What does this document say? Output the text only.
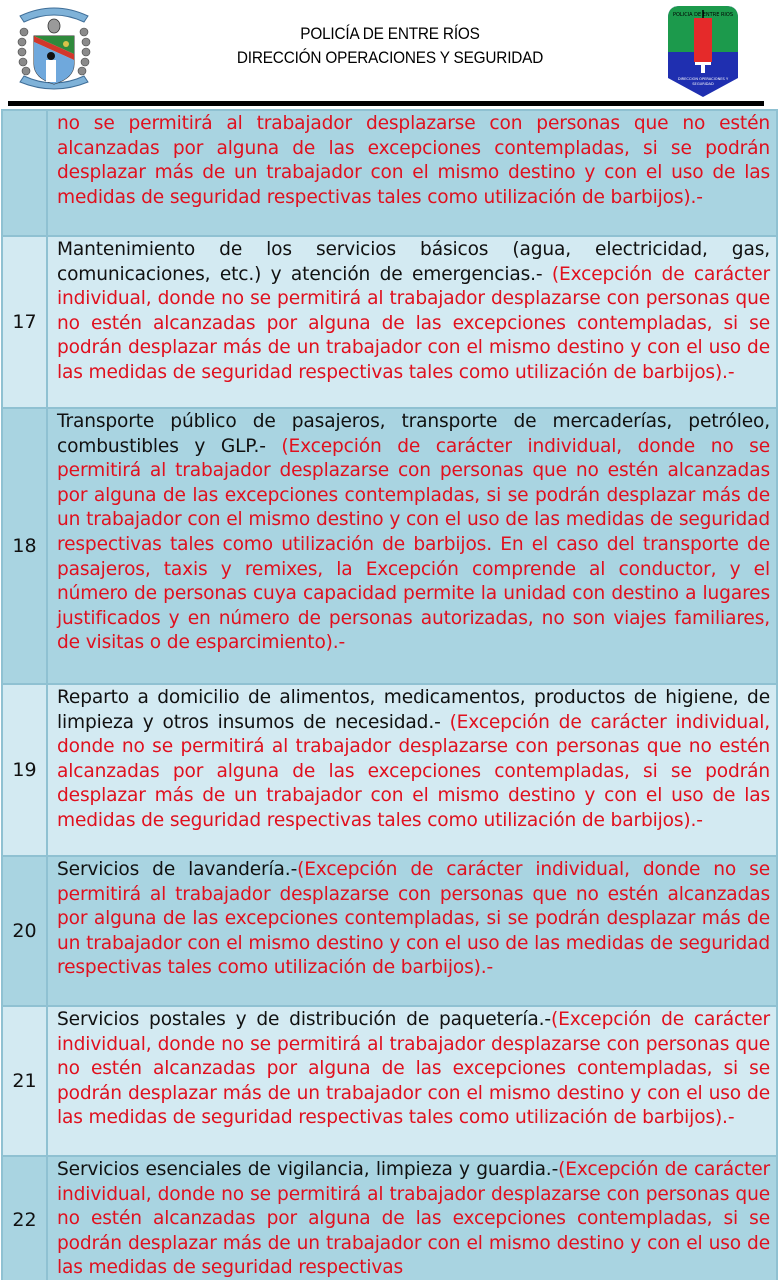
POLICÍA DE ENTRE RÍOS
DIRECCIÓN OPERACIONES Y SEGURIDAD
POLICIA DE ENTRE RIOS
DIRECCION OPERACIONES Y
SEGURIDAD
no se permitirá al trabajador desplazarse con personas que no estén alcanzadas por alguna de las excepciones contempladas, si se podrán desplazar más de un trabajador con el mismo destino y con el uso de las medidas de seguridad respectivas tales como utilización de barbijos).-
17
Mantenimiento de los servicios básicos (agua, electricidad, gas, comunicaciones, etc.) y atención de emergencias.- (Excepción de carácter individual, donde no se permitirá al trabajador desplazarse con personas que no estén alcanzadas por alguna de las excepciones contempladas, si se podrán desplazar más de un trabajador con el mismo destino y con el uso de las medidas de seguridad respectivas tales como utilización de barbijos).-
18
Transporte público de pasajeros, transporte de mercaderías, petróleo, combustibles y GLP.- (Excepción de carácter individual, donde no se permitirá al trabajador desplazarse con personas que no estén alcanzadas por alguna de las excepciones contempladas, si se podrán desplazar más de un trabajador con el mismo destino y con el uso de las medidas de seguridad respectivas tales como utilización de barbijos. En el caso del transporte de pasajeros, taxis y remixes, la Excepción comprende al conductor, y el número de personas cuya capacidad permite la unidad con destino a lugares justificados y en número de personas autorizadas, no son viajes familiares, de visitas o de esparcimiento).-
19
Reparto a domicilio de alimentos, medicamentos, productos de higiene, de limpieza y otros insumos de necesidad.- (Excepción de carácter individual, donde no se permitirá al trabajador desplazarse con personas que no estén alcanzadas por alguna de las excepciones contempladas, si se podrán desplazar más de un trabajador con el mismo destino y con el uso de las medidas de seguridad respectivas tales como utilización de barbijos).-
20
Servicios de lavandería.-(Excepción de carácter individual, donde no se permitirá al trabajador desplazarse con personas que no estén alcanzadas por alguna de las excepciones contempladas, si se podrán desplazar más de un trabajador con el mismo destino y con el uso de las medidas de seguridad respectivas tales como utilización de barbijos).-
21
Servicios postales y de distribución de paquetería.-(Excepción de carácter individual, donde no se permitirá al trabajador desplazarse con personas que no estén alcanzadas por alguna de las excepciones contempladas, si se podrán desplazar más de un trabajador con el mismo destino y con el uso de las medidas de seguridad respectivas tales como utilización de barbijos).-
22
Servicios esenciales de vigilancia, limpieza y guardia.-(Excepción de carácter individual, donde no se permitirá al trabajador desplazarse con personas que no estén alcanzadas por alguna de las excepciones contempladas, si se podrán desplazar más de un trabajador con el mismo destino y con el uso de las medidas de seguridad respectivas
